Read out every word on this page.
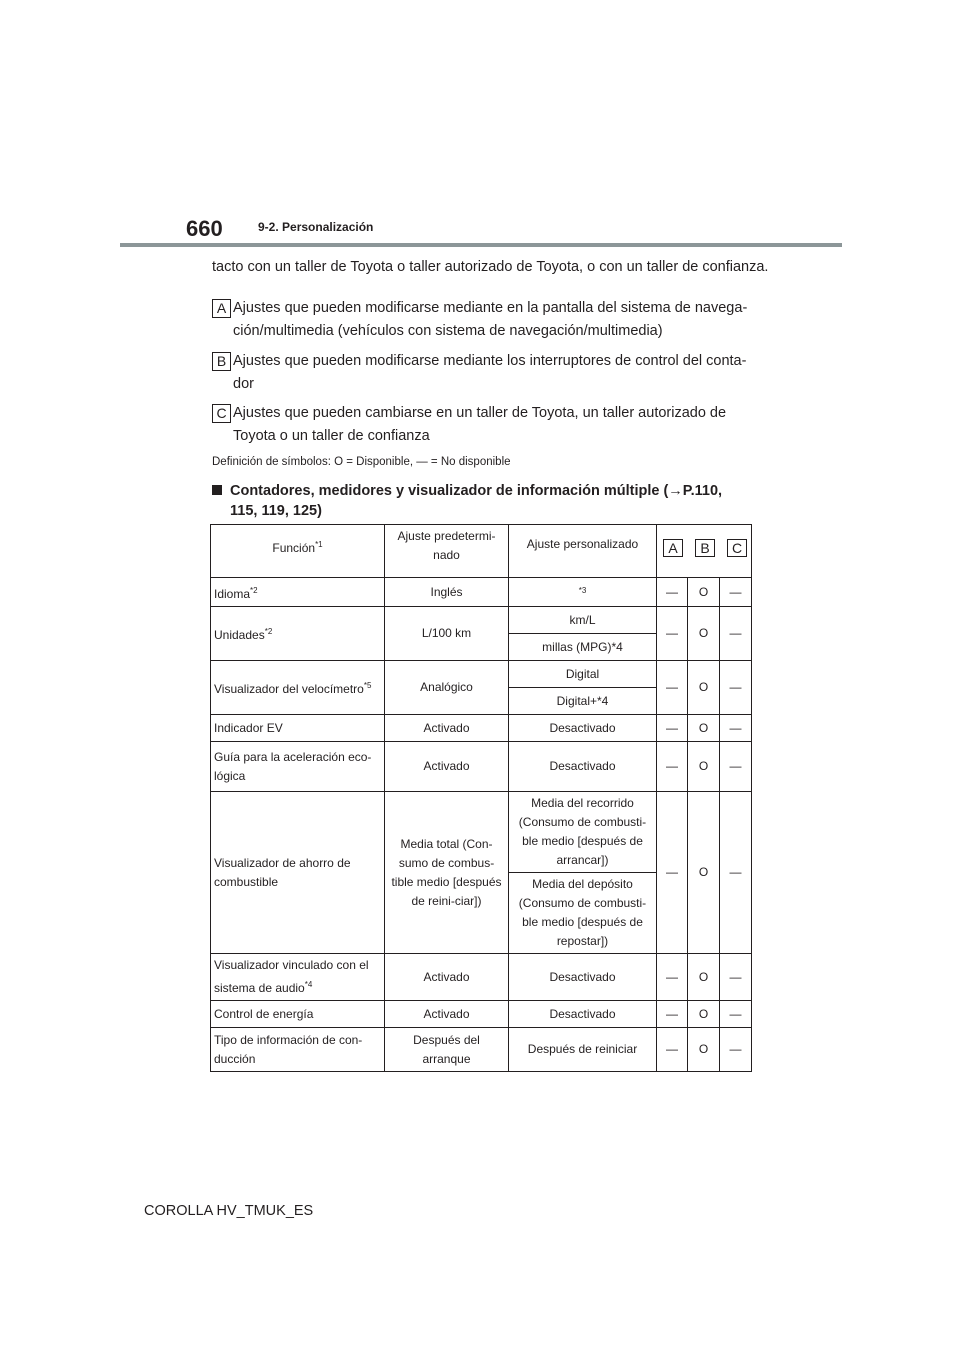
660	9-2. Personalización
tacto con un taller de Toyota o taller autorizado de Toyota, o con un taller de confianza.
A Ajustes que pueden modificarse mediante en la pantalla del sistema de navega-ción/multimedia (vehículos con sistema de navegación/multimedia)
B Ajustes que pueden modificarse mediante los interruptores de control del conta-dor
C Ajustes que pueden cambiarse en un taller de Toyota, un taller autorizado de Toyota o un taller de confianza
Definición de símbolos: O = Disponible, — = No disponible
Contadores, medidores y visualizador de información múltiple (→P.110, 115, 119, 125)
Función$^{*1}$	Ajuste predetermi-nado	Ajuste personalizado	A B C		

Idioma$^{*2}$	Inglés	$^{*3}$	—	O	—
Unidades$^{*2}$	L/100 km	km/L	—	O	—
		millas (MPG)*4			
Visualizador del velocímetro$^{*5}$	Analógico	Digital	—	O	—
		Digital+*4			
Indicador EV	Activado	Desactivado	—	O	—
Guía para la aceleración eco-lógica	Activado	Desactivado	—	O	—
Visualizador de ahorro de combustible	Media total (Con-sumo de combus-tible medio [después de reini-ciar])	Media del recorrido (Consumo de combusti-ble medio [después de arrancar])	—	O	—
		Media del depósito (Consumo de combusti-ble medio [después de repostar])			
Visualizador vinculado con el sistema de audio$^{*4}$	Activado	Desactivado	—	O	—
Control de energía	Activado	Desactivado	—	O	—
Tipo de información de con-ducción	Después del arranque	Después de reiniciar	—	O	—
COROLLA HV_TMUK_ES
